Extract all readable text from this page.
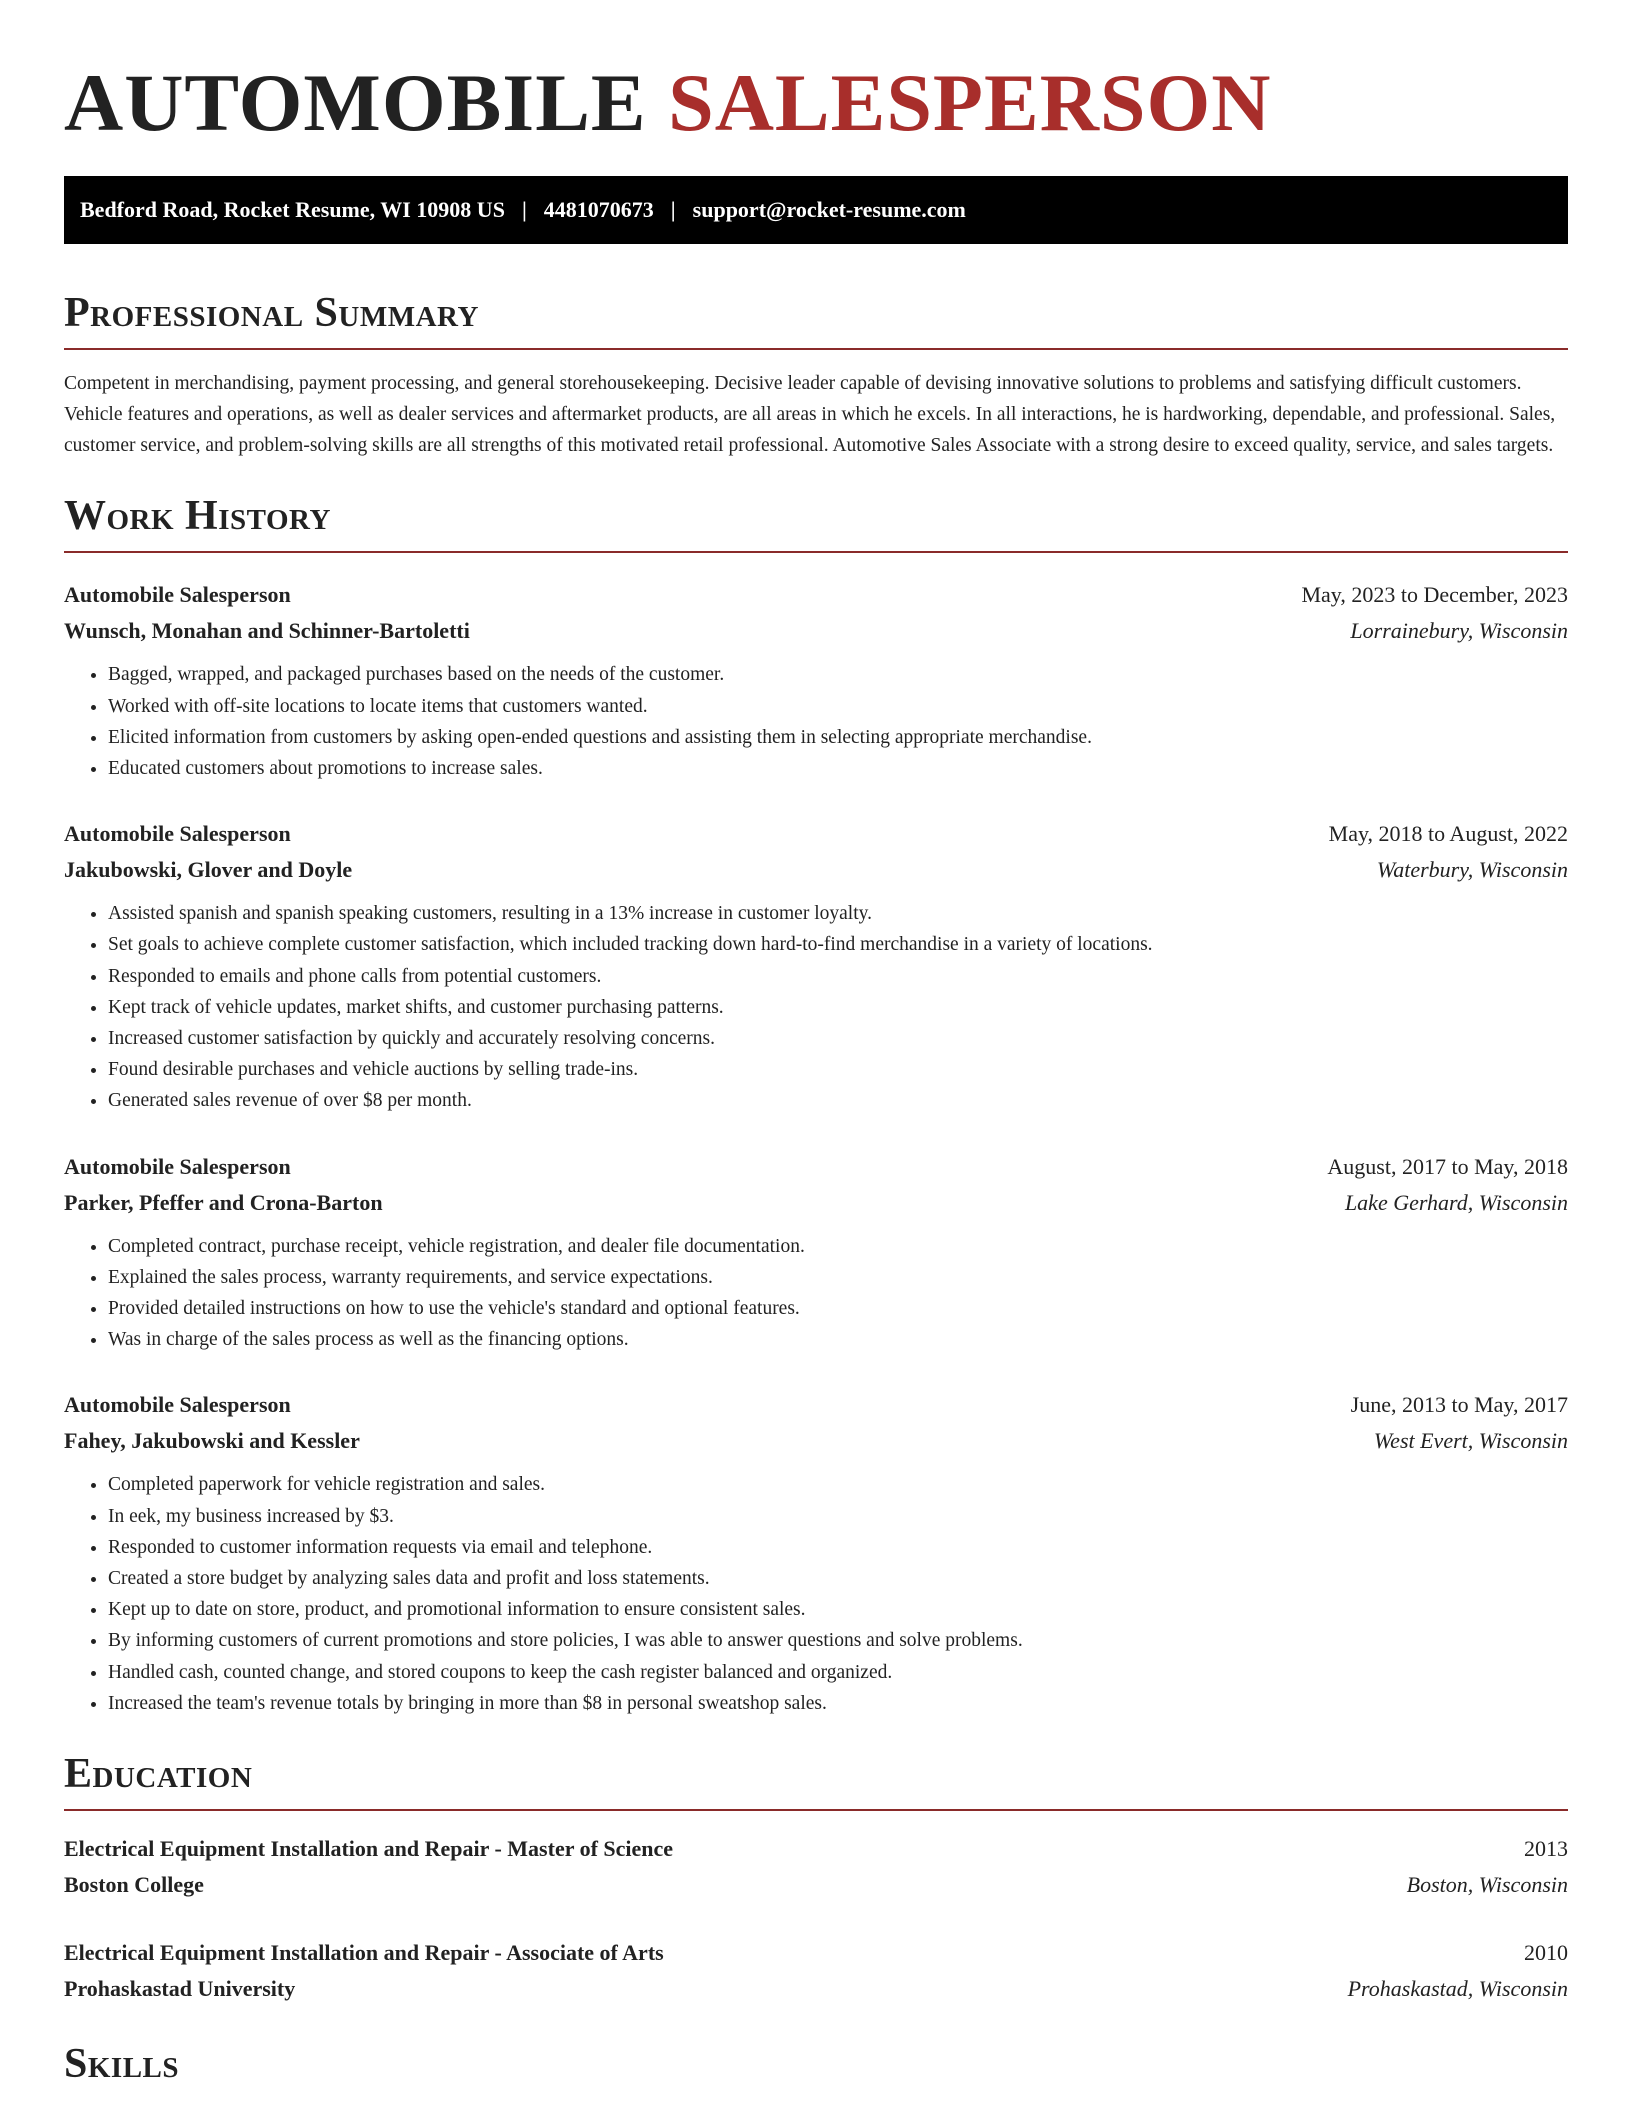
AUTOMOBILE SALESPERSON
Bedford Road, Rocket Resume, WI 10908 US | 4481070673 | support@rocket-resume.com
Professional Summary

Competent in merchandising, payment processing, and general storehousekeeping. Decisive leader capable of devising innovative solutions to problems and satisfying difficult customers. Vehicle features and operations, as well as dealer services and aftermarket products, are all areas in which he excels. In all interactions, he is hardworking, dependable, and professional. Sales, customer service, and problem-solving skills are all strengths of this motivated retail professional. Automotive Sales Associate with a strong desire to exceed quality, service, and sales targets.

Work History
Automobile Salesperson	May, 2023 to December, 2023
Wunsch, Monahan and Schinner-Bartoletti	Lorrainebury, Wisconsin
• Bagged, wrapped, and packaged purchases based on the needs of the customer.
• Worked with off-site locations to locate items that customers wanted.
• Elicited information from customers by asking open-ended questions and assisting them in selecting appropriate merchandise.
• Educated customers about promotions to increase sales.
Automobile Salesperson	May, 2018 to August, 2022
Jakubowski, Glover and Doyle	Waterbury, Wisconsin
• Assisted spanish and spanish speaking customers, resulting in a 13% increase in customer loyalty.
• Set goals to achieve complete customer satisfaction, which included tracking down hard-to-find merchandise in a variety of locations.
• Responded to emails and phone calls from potential customers.
• Kept track of vehicle updates, market shifts, and customer purchasing patterns.
• Increased customer satisfaction by quickly and accurately resolving concerns.
• Found desirable purchases and vehicle auctions by selling trade-ins.
• Generated sales revenue of over $8 per month.
Automobile Salesperson	August, 2017 to May, 2018
Parker, Pfeffer and Crona-Barton	Lake Gerhard, Wisconsin
• Completed contract, purchase receipt, vehicle registration, and dealer file documentation.
• Explained the sales process, warranty requirements, and service expectations.
• Provided detailed instructions on how to use the vehicle's standard and optional features.
• Was in charge of the sales process as well as the financing options.
Automobile Salesperson	June, 2013 to May, 2017
Fahey, Jakubowski and Kessler	West Evert, Wisconsin
• Completed paperwork for vehicle registration and sales.
• In eek, my business increased by $3.
• Responded to customer information requests via email and telephone.
• Created a store budget by analyzing sales data and profit and loss statements.
• Kept up to date on store, product, and promotional information to ensure consistent sales.
• By informing customers of current promotions and store policies, I was able to answer questions and solve problems.
• Handled cash, counted change, and stored coupons to keep the cash register balanced and organized.
• Increased the team's revenue totals by bringing in more than $8 in personal sweatshop sales.
Education
Electrical Equipment Installation and Repair - Master of Science	2013
Boston College	Boston, Wisconsin
Electrical Equipment Installation and Repair - Associate of Arts	2010
Prohaskastad University	Prohaskastad, Wisconsin
Skills
